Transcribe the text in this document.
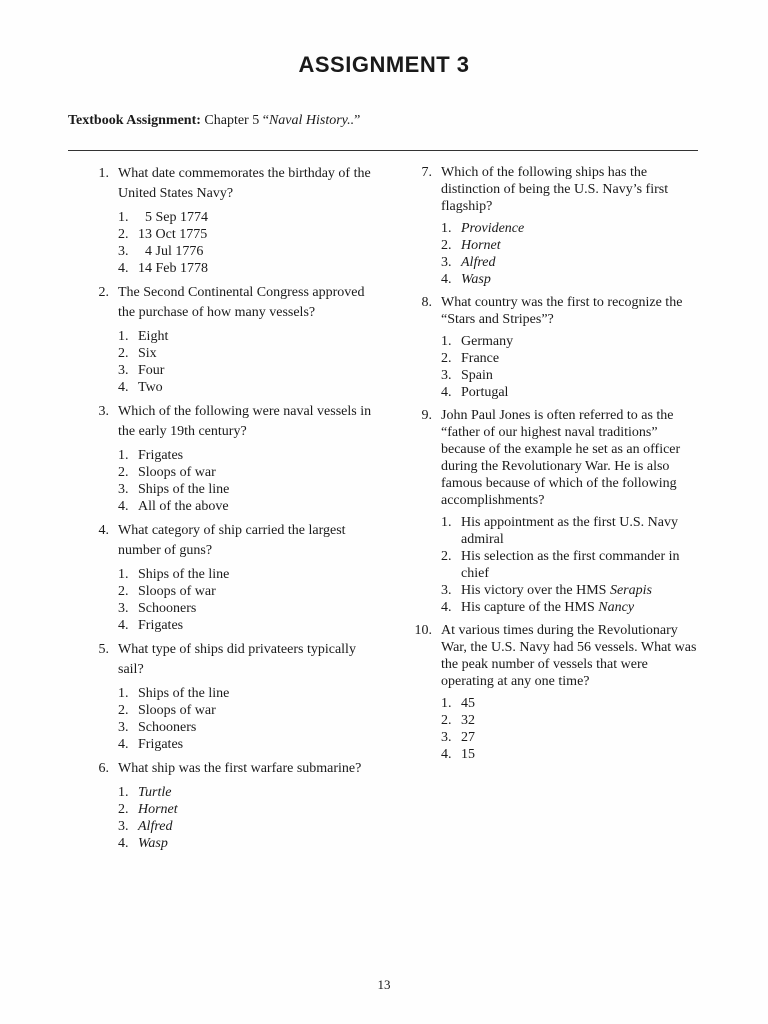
ASSIGNMENT 3

Textbook Assignment: Chapter 5 “Naval History..”

1. What date commemorates the birthday of the United States Navy?
1. 5 Sep 1774
2. 13 Oct 1775
3. 4 Jul 1776
4. 14 Feb 1778
2. The Second Continental Congress approved the purchase of how many vessels?
1. Eight
2. Six
3. Four
4. Two
3. Which of the following were naval vessels in the early 19th century?
1. Frigates
2. Sloops of war
3. Ships of the line
4. All of the above
4. What category of ship carried the largest number of guns?
1. Ships of the line
2. Sloops of war
3. Schooners
4. Frigates
5. What type of ships did privateers typically sail?
1. Ships of the line
2. Sloops of war
3. Schooners
4. Frigates
6. What ship was the first warfare submarine?
1. Turtle
2. Hornet
3. Alfred
4. Wasp
7. Which of the following ships has the distinction of being the U.S. Navy’s first flagship?
1. Providence
2. Hornet
3. Alfred
4. Wasp
8. What country was the first to recognize the “Stars and Stripes”?
1. Germany
2. France
3. Spain
4. Portugal
9. John Paul Jones is often referred to as the “father of our highest naval traditions” because of the example he set as an officer during the Revolutionary War. He is also famous because of which of the following accomplishments?
1. His appointment as the first U.S. Navy admiral
2. His selection as the first commander in chief
3. His victory over the HMS Serapis
4. His capture of the HMS Nancy
10. At various times during the Revolutionary War, the U.S. Navy had 56 vessels. What was the peak number of vessels that were operating at any one time?
1. 45
2. 32
3. 27
4. 15

13
